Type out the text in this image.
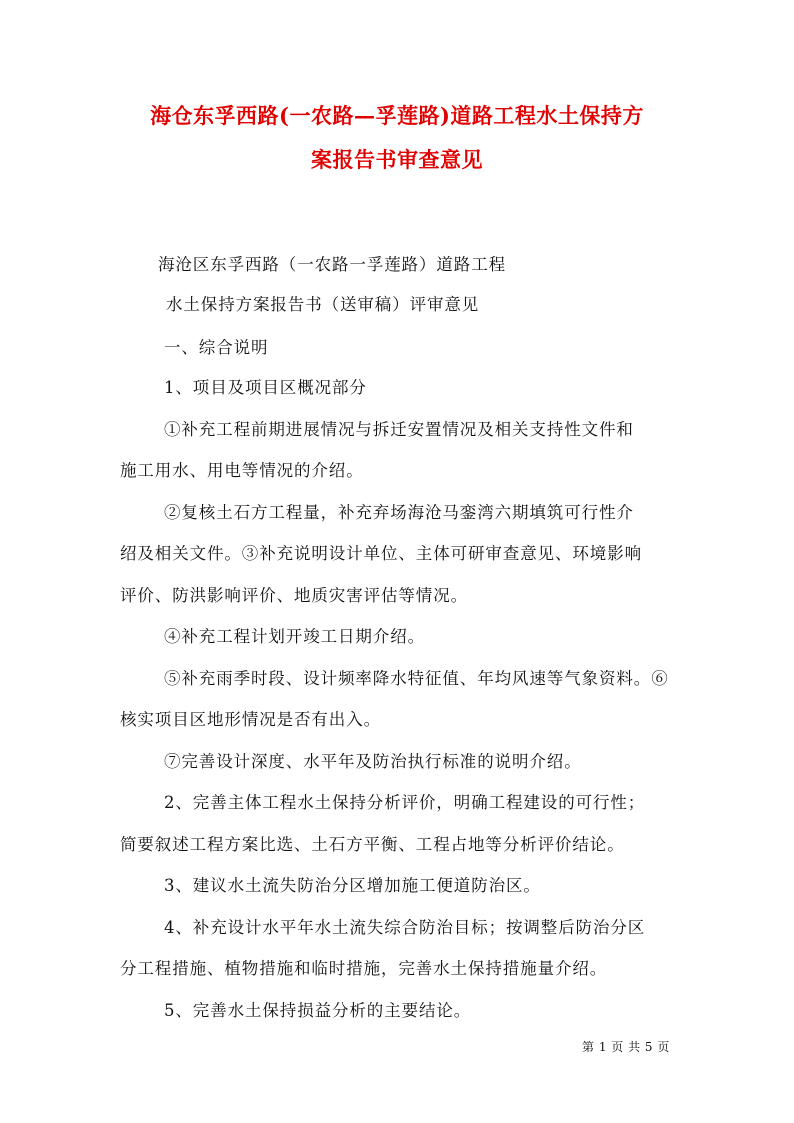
海仓东孚西路(一农路—孚莲路)道路工程水土保持方
案报告书审查意见
海沧区东孚西路（一农路一孚莲路）道路工程
水土保持方案报告书（送审稿）评审意见
一、综合说明
1、项目及项目区概况部分
①补充工程前期进展情况与拆迁安置情况及相关支持性文件和
施工用水、用电等情况的介绍。
②复核土石方工程量，补充弃场海沧马銮湾六期填筑可行性介
绍及相关文件。③补充说明设计单位、主体可研审查意见、环境影响
评价、防洪影响评价、地质灾害评估等情况。
④补充工程计划开竣工日期介绍。
⑤补充雨季时段、设计频率降水特征值、年均风速等气象资料。⑥
核实项目区地形情况是否有出入。
⑦完善设计深度、水平年及防治执行标准的说明介绍。
2、完善主体工程水土保持分析评价，明确工程建设的可行性；
简要叙述工程方案比选、土石方平衡、工程占地等分析评价结论。
3、建议水土流失防治分区增加施工便道防治区。
4、补充设计水平年水土流失综合防治目标；按调整后防治分区
分工程措施、植物措施和临时措施，完善水土保持措施量介绍。
5、完善水土保持损益分析的主要结论。
第 1 页 共 5 页
